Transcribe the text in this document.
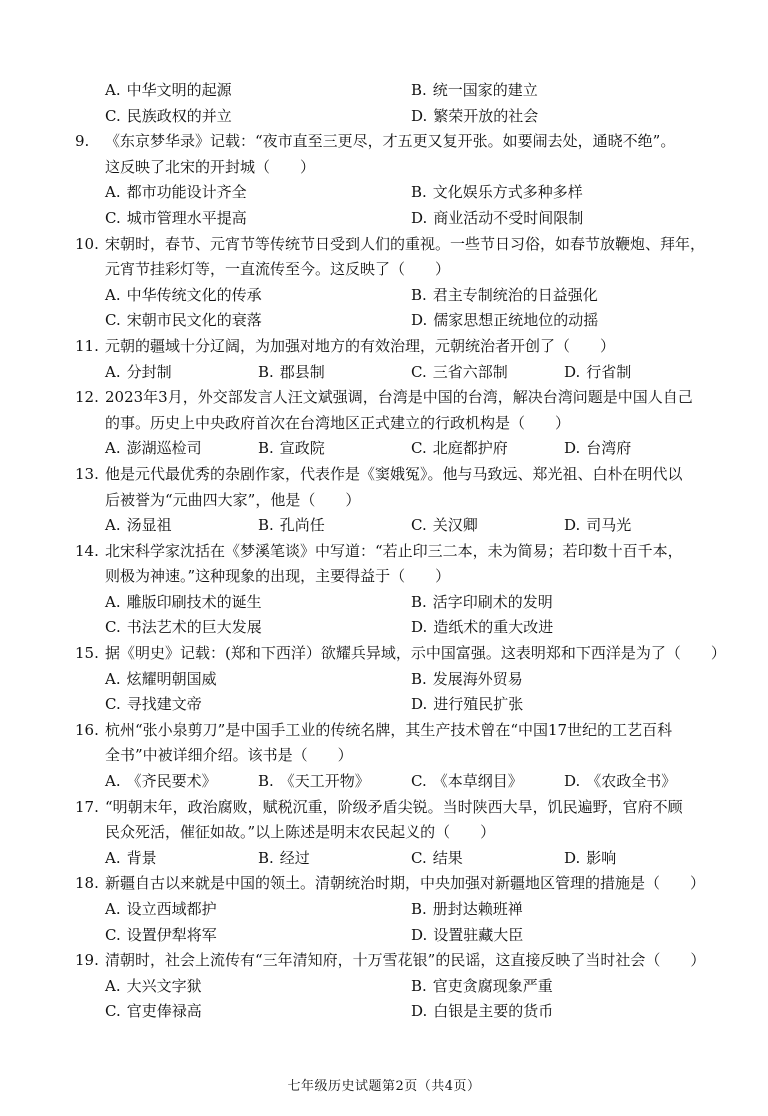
A. 中华文明的起源	B. 统一国家的建立
C. 民族政权的并立	D. 繁荣开放的社会
9.	《东京梦华录》记载：“夜市直至三更尽，才五更又复开张。如要闹去处，通晓不绝”。
这反映了北宋的开封城（　　）
A. 都市功能设计齐全	B. 文化娱乐方式多种多样
C. 城市管理水平提高	D. 商业活动不受时间限制
10. 宋朝时，春节、元宵节等传统节日受到人们的重视。一些节日习俗，如春节放鞭炮、拜年，
元宵节挂彩灯等，一直流传至今。这反映了（　　）
A. 中华传统文化的传承	B. 君主专制统治的日益强化
C. 宋朝市民文化的衰落	D. 儒家思想正统地位的动摇
11. 元朝的疆域十分辽阔，为加强对地方的有效治理，元朝统治者开创了（　　）
A. 分封制	B. 郡县制	C. 三省六部制	D. 行省制
12. 2023年3月，外交部发言人汪文斌强调，台湾是中国的台湾，解决台湾问题是中国人自己
的事。历史上中央政府首次在台湾地区正式建立的行政机构是（　　）
A. 澎湖巡检司	B. 宣政院	C. 北庭都护府	D. 台湾府
13. 他是元代最优秀的杂剧作家，代表作是《窦娥冤》。他与马致远、郑光祖、白朴在明代以
后被誉为“元曲四大家”，他是（　　）
A. 汤显祖	B. 孔尚任	C. 关汉卿	D. 司马光
14. 北宋科学家沈括在《梦溪笔谈》中写道：“若止印三二本，未为简易；若印数十百千本，
则极为神速。”这种现象的出现，主要得益于（　　）
A. 雕版印刷技术的诞生	B. 活字印刷术的发明
C. 书法艺术的巨大发展	D. 造纸术的重大改进
15. 据《明史》记载：(郑和下西洋）欲耀兵异域，示中国富强。这表明郑和下西洋是为了（　　）
A. 炫耀明朝国威	B. 发展海外贸易
C. 寻找建文帝	D. 进行殖民扩张
16. 杭州“张小泉剪刀”是中国手工业的传统名牌，其生产技术曾在“中国17世纪的工艺百科
全书”中被详细介绍。该书是（　　）
A. 《齐民要术》	B. 《天工开物》	C. 《本草纲目》	D. 《农政全书》
17. “明朝末年，政治腐败，赋税沉重，阶级矛盾尖锐。当时陕西大旱，饥民遍野，官府不顾
民众死活，催征如故。”以上陈述是明末农民起义的（　　）
A. 背景	B. 经过	C. 结果	D. 影响
18. 新疆自古以来就是中国的领土。清朝统治时期，中央加强对新疆地区管理的措施是（　　）
A. 设立西域都护	B. 册封达赖班禅
C. 设置伊犁将军	D. 设置驻藏大臣
19. 清朝时，社会上流传有“三年清知府，十万雪花银”的民谣，这直接反映了当时社会（　　）
A. 大兴文字狱	B. 官吏贪腐现象严重
C. 官吏俸禄高	D. 白银是主要的货币
七年级历史试题第2页（共4页）
